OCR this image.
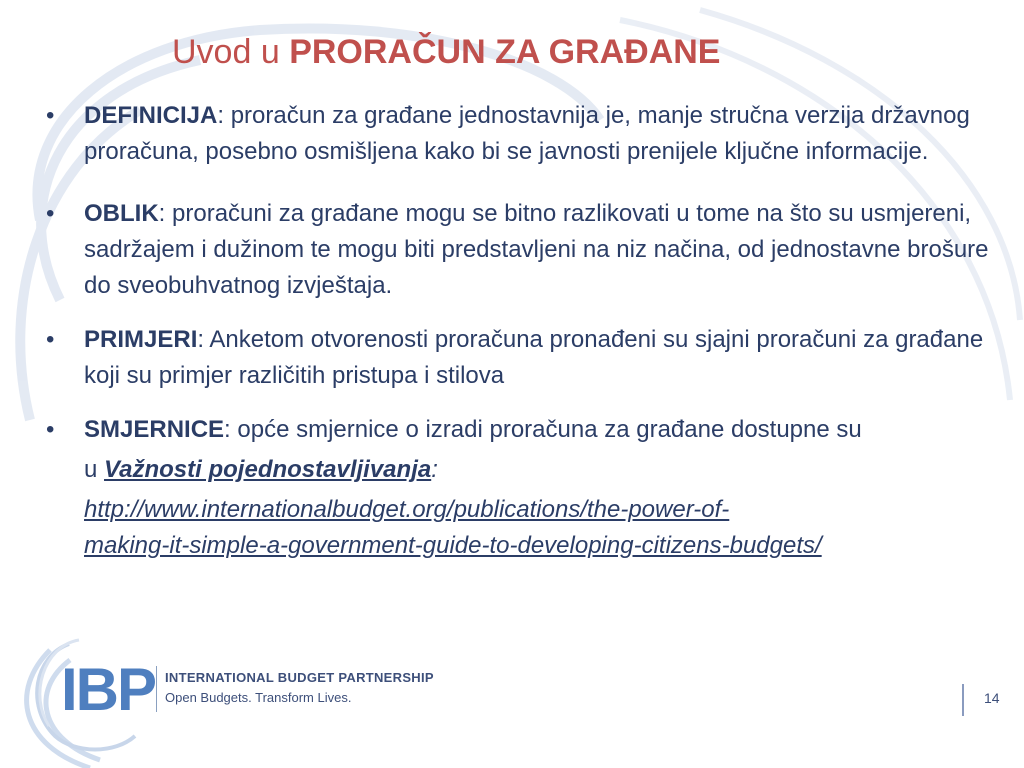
Uvod u PRORAČUN ZA GRAĐANE
• DEFINICIJA: proračun za građane jednostavnija je, manje stručna verzija državnog proračuna, posebno osmišljena kako bi se javnosti prenijele ključne informacije.
• OBLIK: proračuni za građane mogu se bitno razlikovati u tome na što su usmjereni, sadržajem i dužinom te mogu biti predstavljeni na niz načina, od jednostavne brošure do sveobuhvatnog izvještaja.
• PRIMJERI: Anketom otvorenosti proračuna pronađeni su sjajni proračuni za građane koji su primjer različitih pristupa i stilova
• SMJERNICE: opće smjernice o izradi proračuna za građane dostupne su
u Važnosti pojednostavljivanja:
http://www.internationalbudget.org/publications/the-power-of-
making-it-simple-a-government-guide-to-developing-citizens-budgets/
IBP INTERNATIONAL BUDGET PARTNERSHIP
Open Budgets. Transform Lives.	14
